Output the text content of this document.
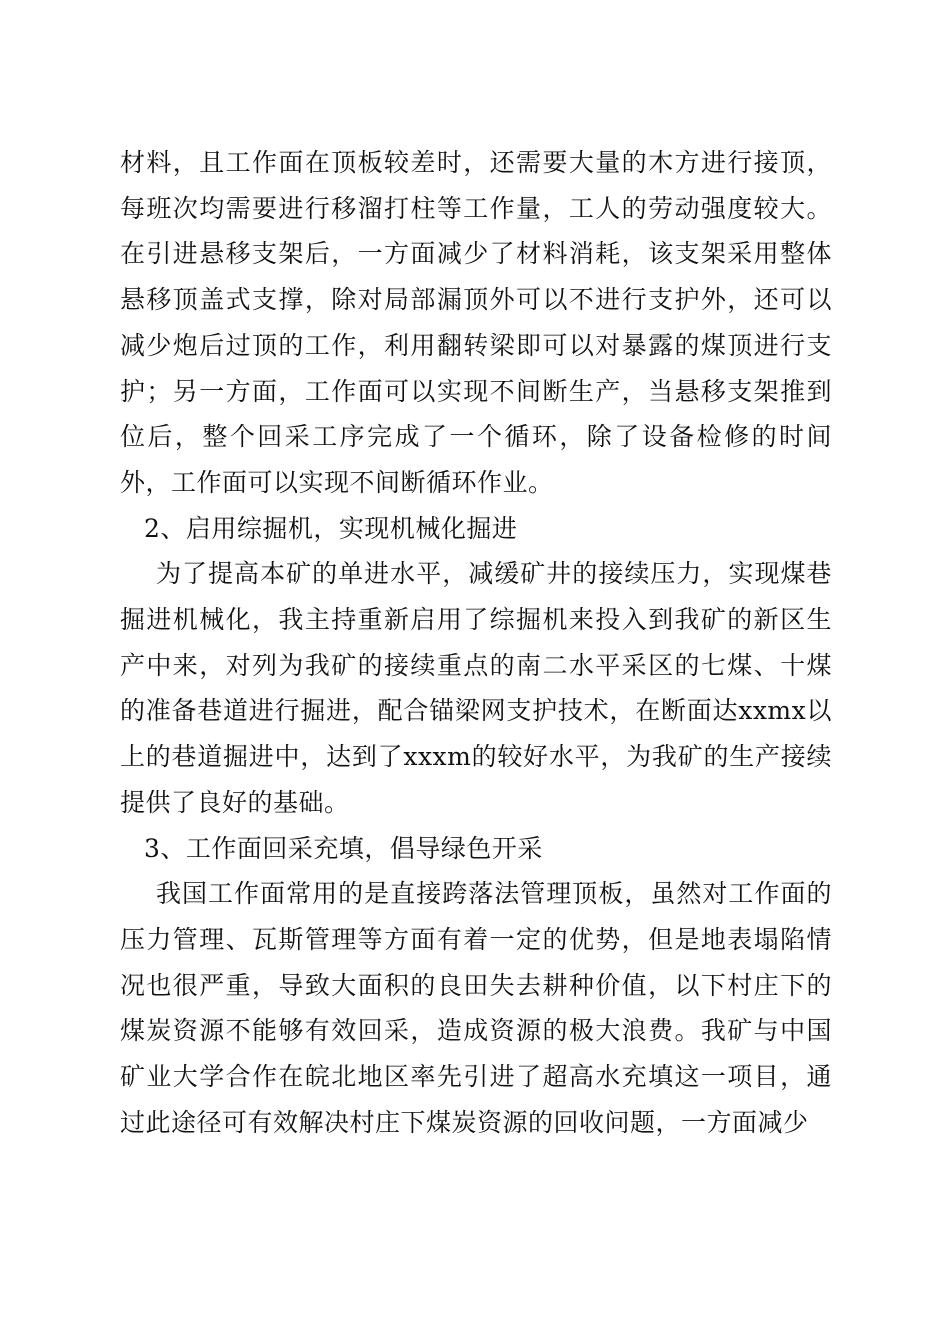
材料，且工作面在顶板较差时，还需要大量的木方进行接顶，每班次均需要进行移溜打柱等工作量，工人的劳动强度较大。在引进悬移支架后，一方面减少了材料消耗，该支架采用整体悬移顶盖式支撑，除对局部漏顶外可以不进行支护外，还可以减少炮后过顶的工作，利用翻转梁即可以对暴露的煤顶进行支护；另一方面，工作面可以实现不间断生产，当悬移支架推到位后，整个回采工序完成了一个循环，除了设备检修的时间外，工作面可以实现不间断循环作业。

2、启用综掘机，实现机械化掘进

为了提高本矿的单进水平，减缓矿井的接续压力，实现煤巷掘进机械化，我主持重新启用了综掘机来投入到我矿的新区生产中来，对列为我矿的接续重点的南二水平采区的七煤、十煤的准备巷道进行掘进，配合锚梁网支护技术，在断面达xxmx以上的巷道掘进中，达到了xxxm的较好水平，为我矿的生产接续提供了良好的基础。

3、工作面回采充填，倡导绿色开采

我国工作面常用的是直接跨落法管理顶板，虽然对工作面的压力管理、瓦斯管理等方面有着一定的优势，但是地表塌陷情况也很严重，导致大面积的良田失去耕种价值，以下村庄下的煤炭资源不能够有效回采，造成资源的极大浪费。我矿与中国矿业大学合作在皖北地区率先引进了超高水充填这一项目，通过此途径可有效解决村庄下煤炭资源的回收问题，一方面减少
